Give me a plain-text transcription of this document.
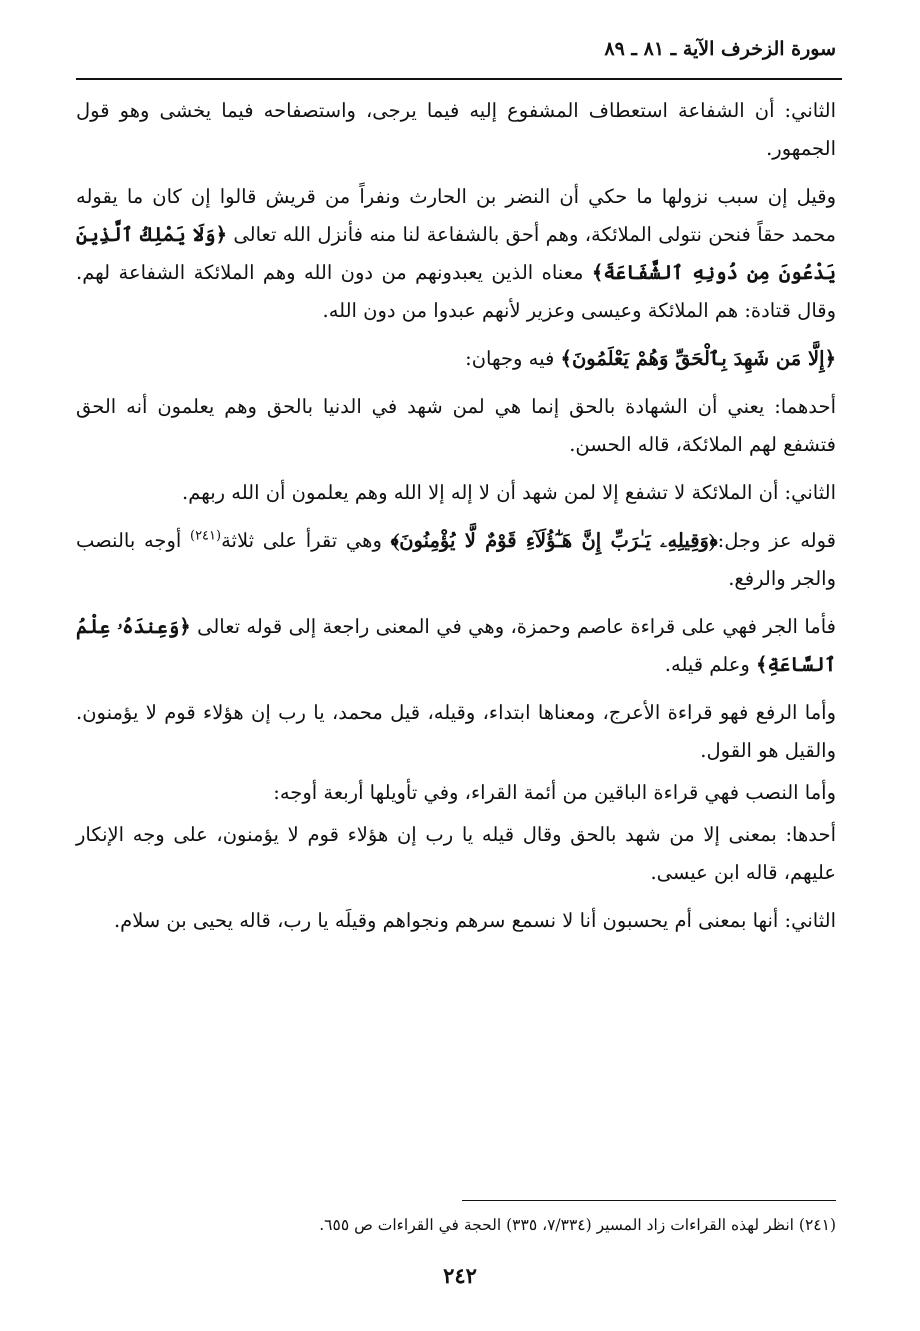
سورة الزخرف الآية ـ ٨١ ـ ٨٩

الثاني: أن الشفاعة استعطاف المشفوع إليه فيما يرجى، واستصفاحه فيما يخشى وهو قول الجمهور.

وقيل إن سبب نزولها ما حكي أن النضر بن الحارث ونفراً من قريش قالوا إن كان ما يقوله محمد حقاً فنحن نتولى الملائكة، وهم أحق بالشفاعة لنا منه فأنزل الله تعالى ﴿وَلَا يَمْلِكُ ٱلَّذِينَ يَدْعُونَ مِن دُونِهِ ٱلشَّفَاعَةَ﴾ معناه الذين يعبدونهم من دون الله وهم الملائكة الشفاعة لهم. وقال قتادة: هم الملائكة وعيسى وعزير لأنهم عبدوا من دون الله.

﴿إِلَّا مَن شَهِدَ بِٱلْحَقِّ وَهُمْ يَعْلَمُونَ﴾ فيه وجهان:

أحدهما: يعني أن الشهادة بالحق إنما هي لمن شهد في الدنيا بالحق وهم يعلمون أنه الحق فتشفع لهم الملائكة، قاله الحسن.

الثاني: أن الملائكة لا تشفع إلا لمن شهد أن لا إله إلا الله وهم يعلمون أن الله ربهم.

قوله عز وجل:﴿وَقِيلِهِۦ يَـٰرَبِّ إِنَّ هَـٰٓؤُلَآءِ قَوْمٌ لَّا يُؤْمِنُونَ﴾ وهي تقرأ على ثلاثة$^{(٢٤١)}$ أوجه بالنصب والجر والرفع.

فأما الجر فهي على قراءة عاصم وحمزة، وهي في المعنى راجعة إلى قوله تعالى ﴿وَعِندَهُۥ عِلْمُ ٱلسَّاعَةِ﴾ وعلم قيله.

وأما الرفع فهو قراءة الأعرج، ومعناها ابتداء، وقيله، قيل محمد، يا رب إن هؤلاء قوم لا يؤمنون. والقيل هو القول.

وأما النصب فهي قراءة الباقين من أئمة القراء، وفي تأويلها أربعة أوجه:

أحدها: بمعنى إلا من شهد بالحق وقال قيله يا رب إن هؤلاء قوم لا يؤمنون، على وجه الإنكار عليهم، قاله ابن عيسى.

الثاني: أنها بمعنى أم يحسبون أنا لا نسمع سرهم ونجواهم وقيلَه يا رب، قاله يحيى بن سلام.

(٢٤١) انظر لهذه القراءات زاد المسير (٧/٣٣٤، ٣٣٥) الحجة في القراءات ص ٦٥٥.
٢٤٢
